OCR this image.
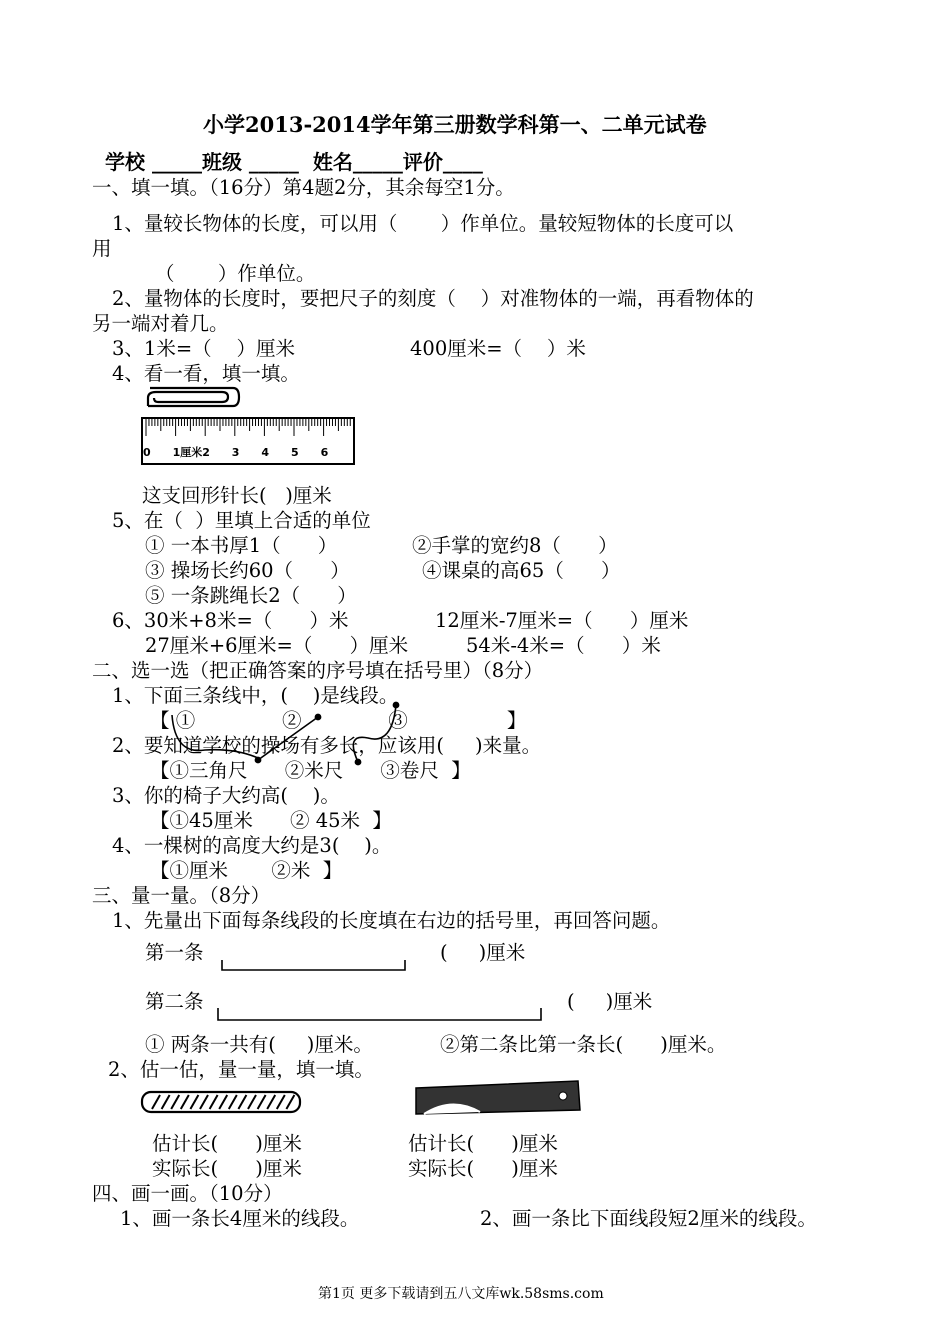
小学2013-2014学年第三册数学科第一、二单元试卷
学校 _____班级 _____  姓名_____评价____
一、填一填。（16分）第4题2分，其余每空1分。
1、量较长物体的长度，可以用（       ）作单位。量较短物体的长度可以
用
（       ）作单位。
2、量物体的长度时，要把尺子的刻度（    ）对准物体的一端，再看物体的
另一端对着几。
3、1米=（    ）厘米	400厘米=（    ）米
4、看一看，填一填。
0 1厘米 2 3 4 5 6
这支回形针长(   )厘米
5、在（  ）里填上合适的单位
① 一本书厚1（      ）	②手掌的宽约8（      ）
③ 操场长约60（      ）	④课桌的高65（      ）
⑤ 一条跳绳长2（      ）
6、30米+8米=（      ）米	12厘米-7厘米=（      ）厘米
27厘米+6厘米=（      ）厘米	54米-4米=（      ）米
二、选一选（把正确答案的序号填在括号里）（8分）
1、下面三条线中，(    )是线段。
【 ①              ②              ③                】
2、要知道学校的操场有多长，应该用(     )来量。
【①三角尺      ②米尺      ③卷尺  】
3、你的椅子大约高(    )。
【①45厘米      ② 45米  】
4、一棵树的高度大约是3(    )。
【①厘米       ②米  】
三、量一量。（8分）
1、先量出下面每条线段的长度填在右边的括号里，再回答问题。
第一条	(     )厘米
第二条	(     )厘米
① 两条一共有(     )厘米。	②第二条比第一条长(      )厘米。
2、估一估，量一量，填一填。
估计长(      )厘米
实际长(      )厘米
估计长(      )厘米
实际长(      )厘米
四、画一画。（10分）
1、画一条长4厘米的线段。	2、画一条比下面线段短2厘米的线段。
第1页 更多下载请到五八文库wk.58sms.com
